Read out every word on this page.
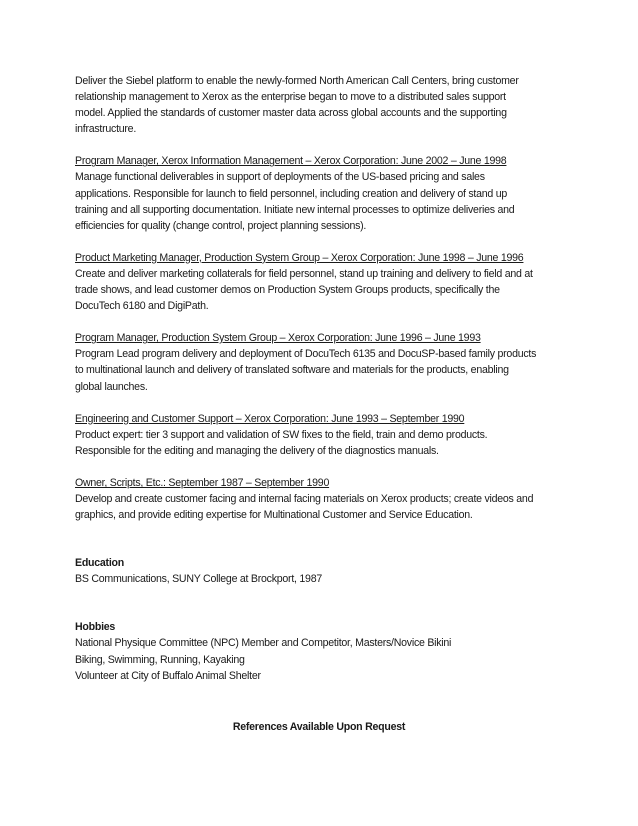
Deliver the Siebel platform to enable the newly-formed North American Call Centers, bring customer
relationship management to Xerox as the enterprise began to move to a distributed sales support
model. Applied the standards of customer master data across global accounts and the supporting
infrastructure.

Program Manager, Xerox Information Management – Xerox Corporation: June 2002 – June 1998
Manage functional deliverables in support of deployments of the US-based pricing and sales
applications. Responsible for launch to field personnel, including creation and delivery of stand up
training and all supporting documentation. Initiate new internal processes to optimize deliveries and
efficiencies for quality (change control, project planning sessions).
Product Marketing Manager, Production System Group – Xerox Corporation: June 1998 – June 1996
Create and deliver marketing collaterals for field personnel, stand up training and delivery to field and at
trade shows, and lead customer demos on Production System Groups products, specifically the
DocuTech 6180 and DigiPath.
Program Manager, Production System Group – Xerox Corporation: June 1996 – June 1993
Program Lead program delivery and deployment of DocuTech 6135 and DocuSP-based family products
to multinational launch and delivery of translated software and materials for the products, enabling
global launches.
Engineering and Customer Support – Xerox Corporation: June 1993 – September 1990
Product expert: tier 3 support and validation of SW fixes to the field, train and demo products.
Responsible for the editing and managing the delivery of the diagnostics manuals.
Owner, Scripts, Etc.: September 1987 – September 1990
Develop and create customer facing and internal facing materials on Xerox products; create videos and
graphics, and provide editing expertise for Multinational Customer and Service Education.
Education
BS Communications, SUNY College at Brockport, 1987
Hobbies
National Physique Committee (NPC) Member and Competitor, Masters/Novice Bikini
Biking, Swimming, Running, Kayaking
Volunteer at City of Buffalo Animal Shelter
References Available Upon Request
